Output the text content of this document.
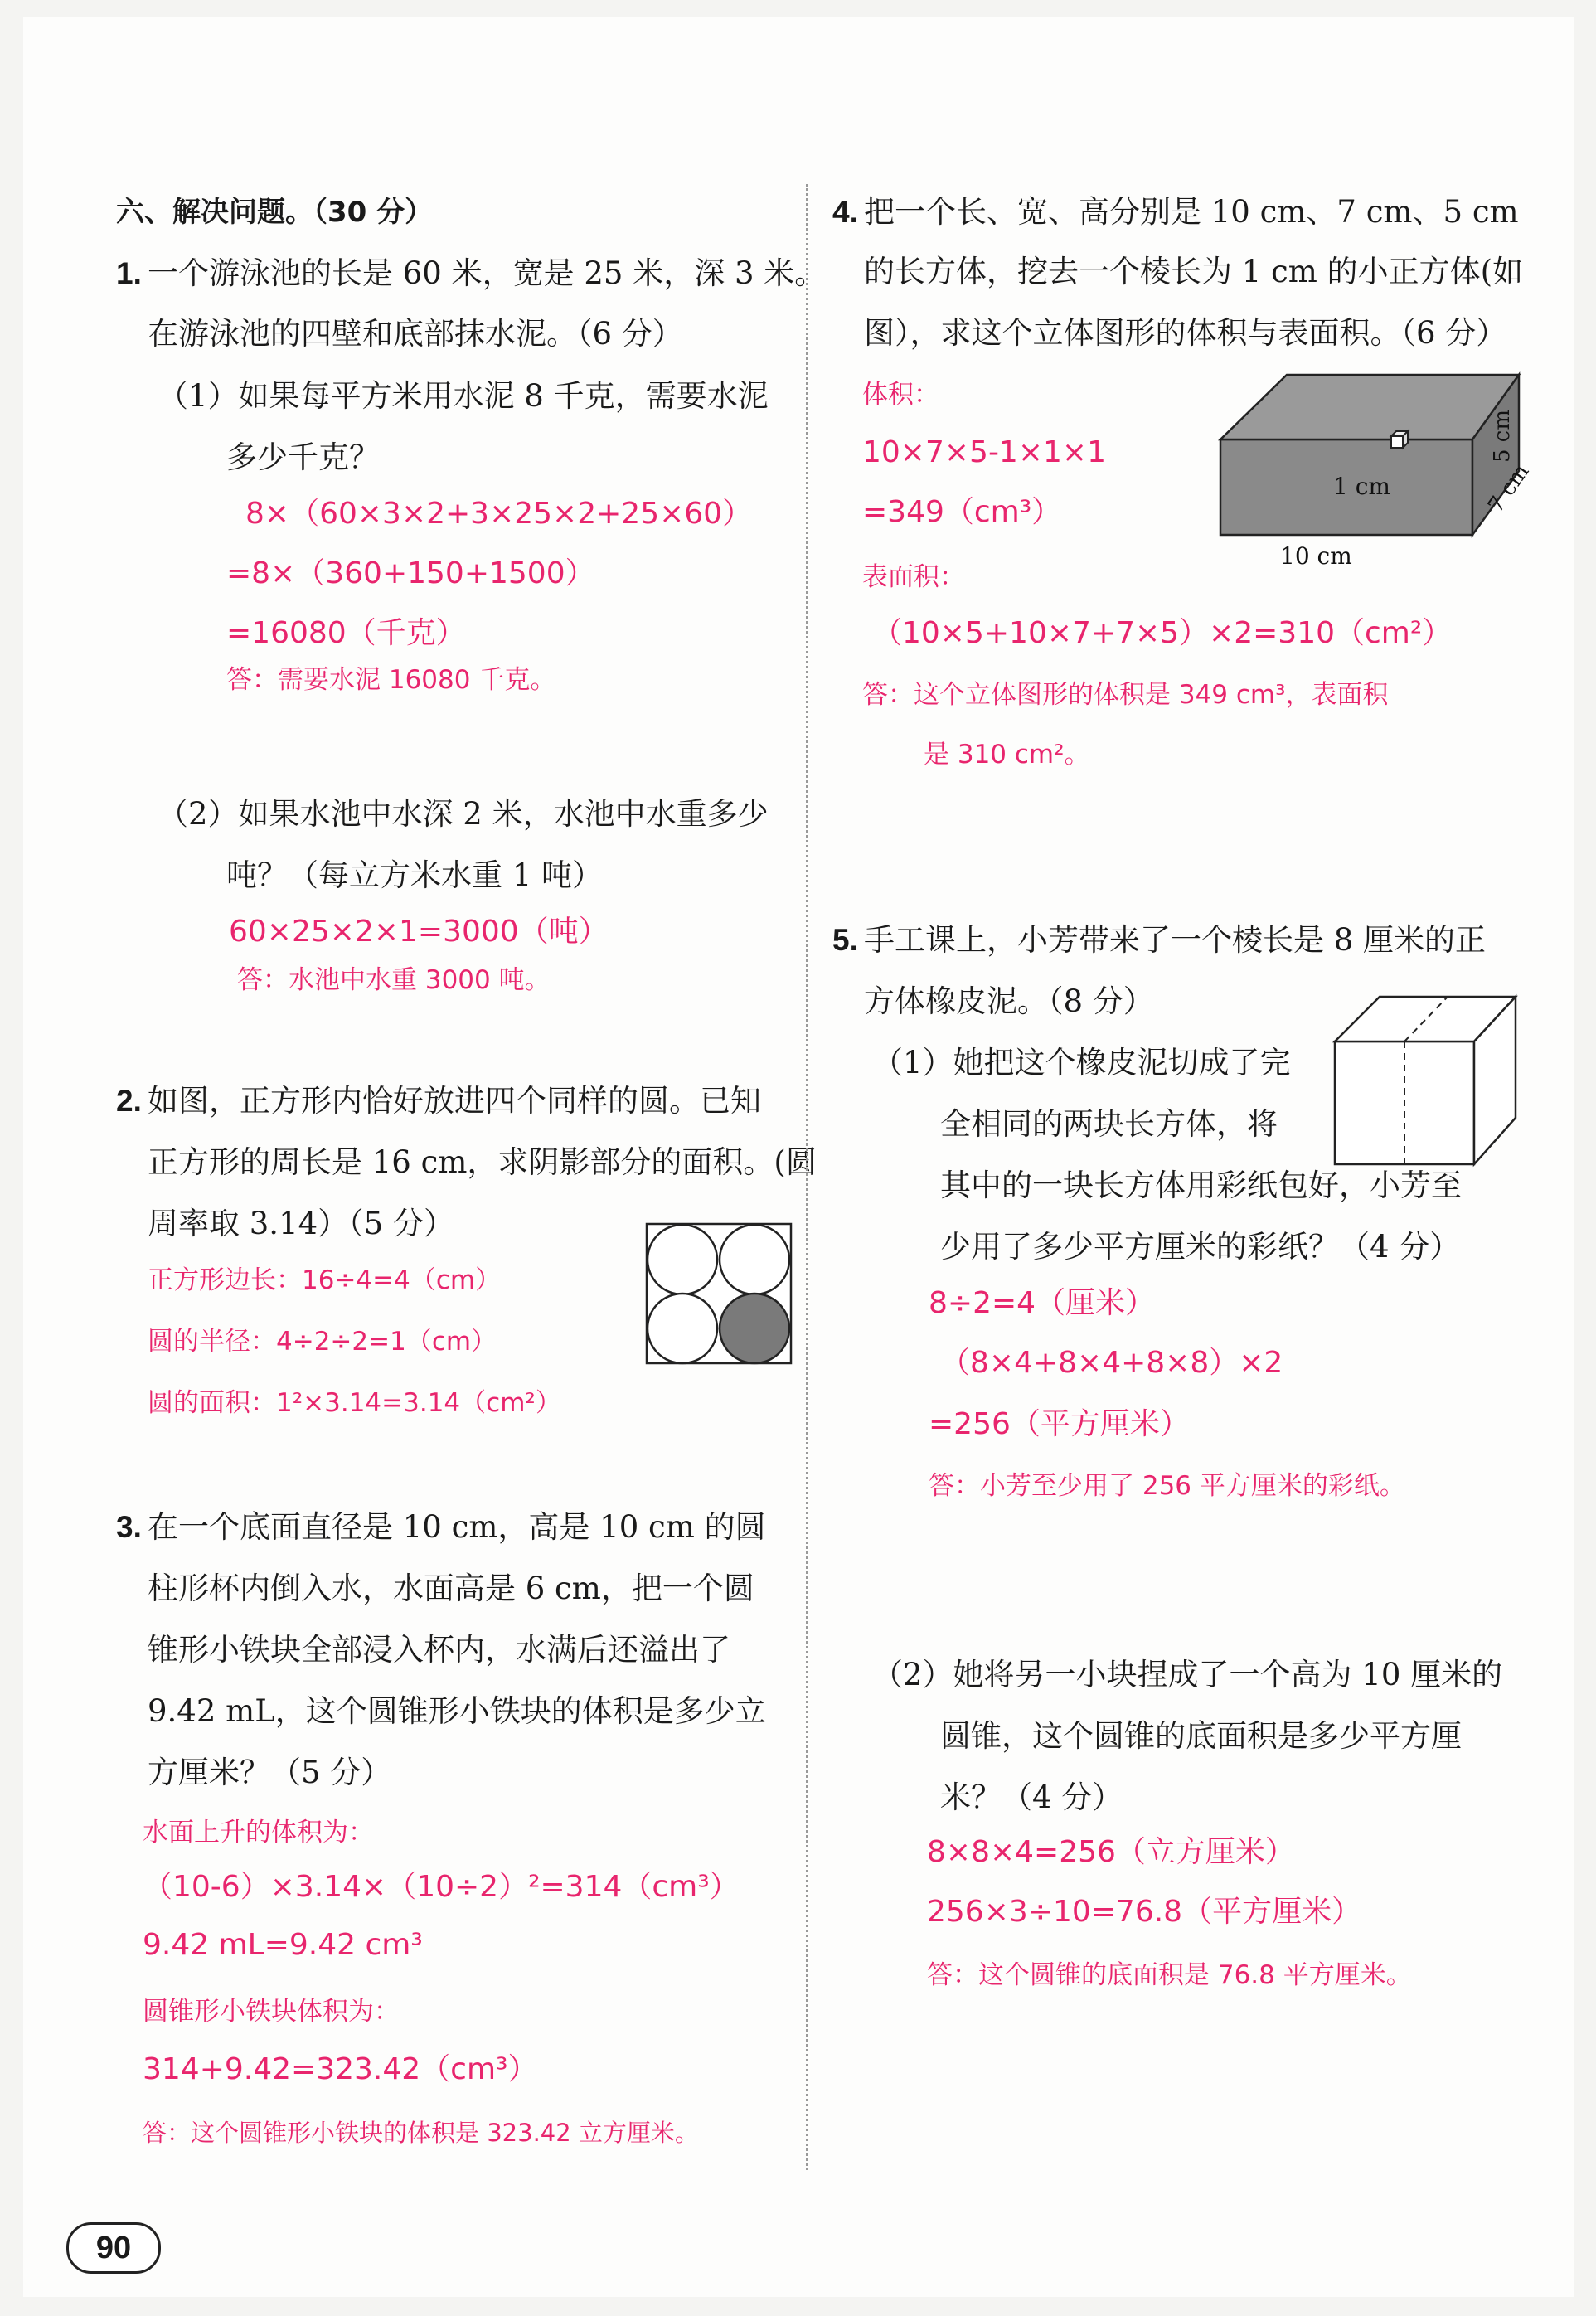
六、解决问题。（30 分）
1. 一个游泳池的长是 60 米，宽是 25 米，深 3 米。
在游泳池的四壁和底部抹水泥。（6 分）
（1）如果每平方米用水泥 8 千克，需要水泥
多少千克？
8×（60×3×2+3×25×2+25×60）
=8×（360+150+1500）
=16080（千克）
答：需要水泥 16080 千克。
（2）如果水池中水深 2 米，水池中水重多少
吨？（每立方米水重 1 吨）
60×25×2×1=3000（吨）
答：水池中水重 3000 吨。
2. 如图，正方形内恰好放进四个同样的圆。已知
正方形的周长是 16 cm，求阴影部分的面积。(圆
周率取 3.14）（5 分）
正方形边长：16÷4=4（cm）
圆的半径：4÷2÷2=1（cm）
圆的面积：1²×3.14=3.14（cm²）
3. 在一个底面直径是 10 cm，高是 10 cm 的圆
柱形杯内倒入水，水面高是 6 cm，把一个圆
锥形小铁块全部浸入杯内，水满后还溢出了
9.42 mL，这个圆锥形小铁块的体积是多少立
方厘米？（5 分）
水面上升的体积为：
（10-6）×3.14×（10÷2）²=314（cm³）
9.42 mL=9.42 cm³
圆锥形小铁块体积为：
314+9.42=323.42（cm³）
答：这个圆锥形小铁块的体积是 323.42 立方厘米。
4. 把一个长、宽、高分别是 10 cm、7 cm、5 cm
的长方体，挖去一个棱长为 1 cm 的小正方体(如
图），求这个立体图形的体积与表面积。（6 分）
体积：
10×7×5-1×1×1
=349（cm³）
表面积：
（10×5+10×7+7×5）×2=310（cm²）
答：这个立体图形的体积是 349 cm³，表面积
是 310 cm²。
1 cm
10 cm
7 cm
5 cm
5. 手工课上，小芳带来了一个棱长是 8 厘米的正
方体橡皮泥。（8 分）
（1）她把这个橡皮泥切成了完
全相同的两块长方体，将
其中的一块长方体用彩纸包好，小芳至
少用了多少平方厘米的彩纸？（4 分）
8÷2=4（厘米）
（8×4+8×4+8×8）×2
=256（平方厘米）
答：小芳至少用了 256 平方厘米的彩纸。
（2）她将另一小块捏成了一个高为 10 厘米的
圆锥，这个圆锥的底面积是多少平方厘
米？（4 分）
8×8×4=256（立方厘米）
256×3÷10=76.8（平方厘米）
答：这个圆锥的底面积是 76.8 平方厘米。
90
